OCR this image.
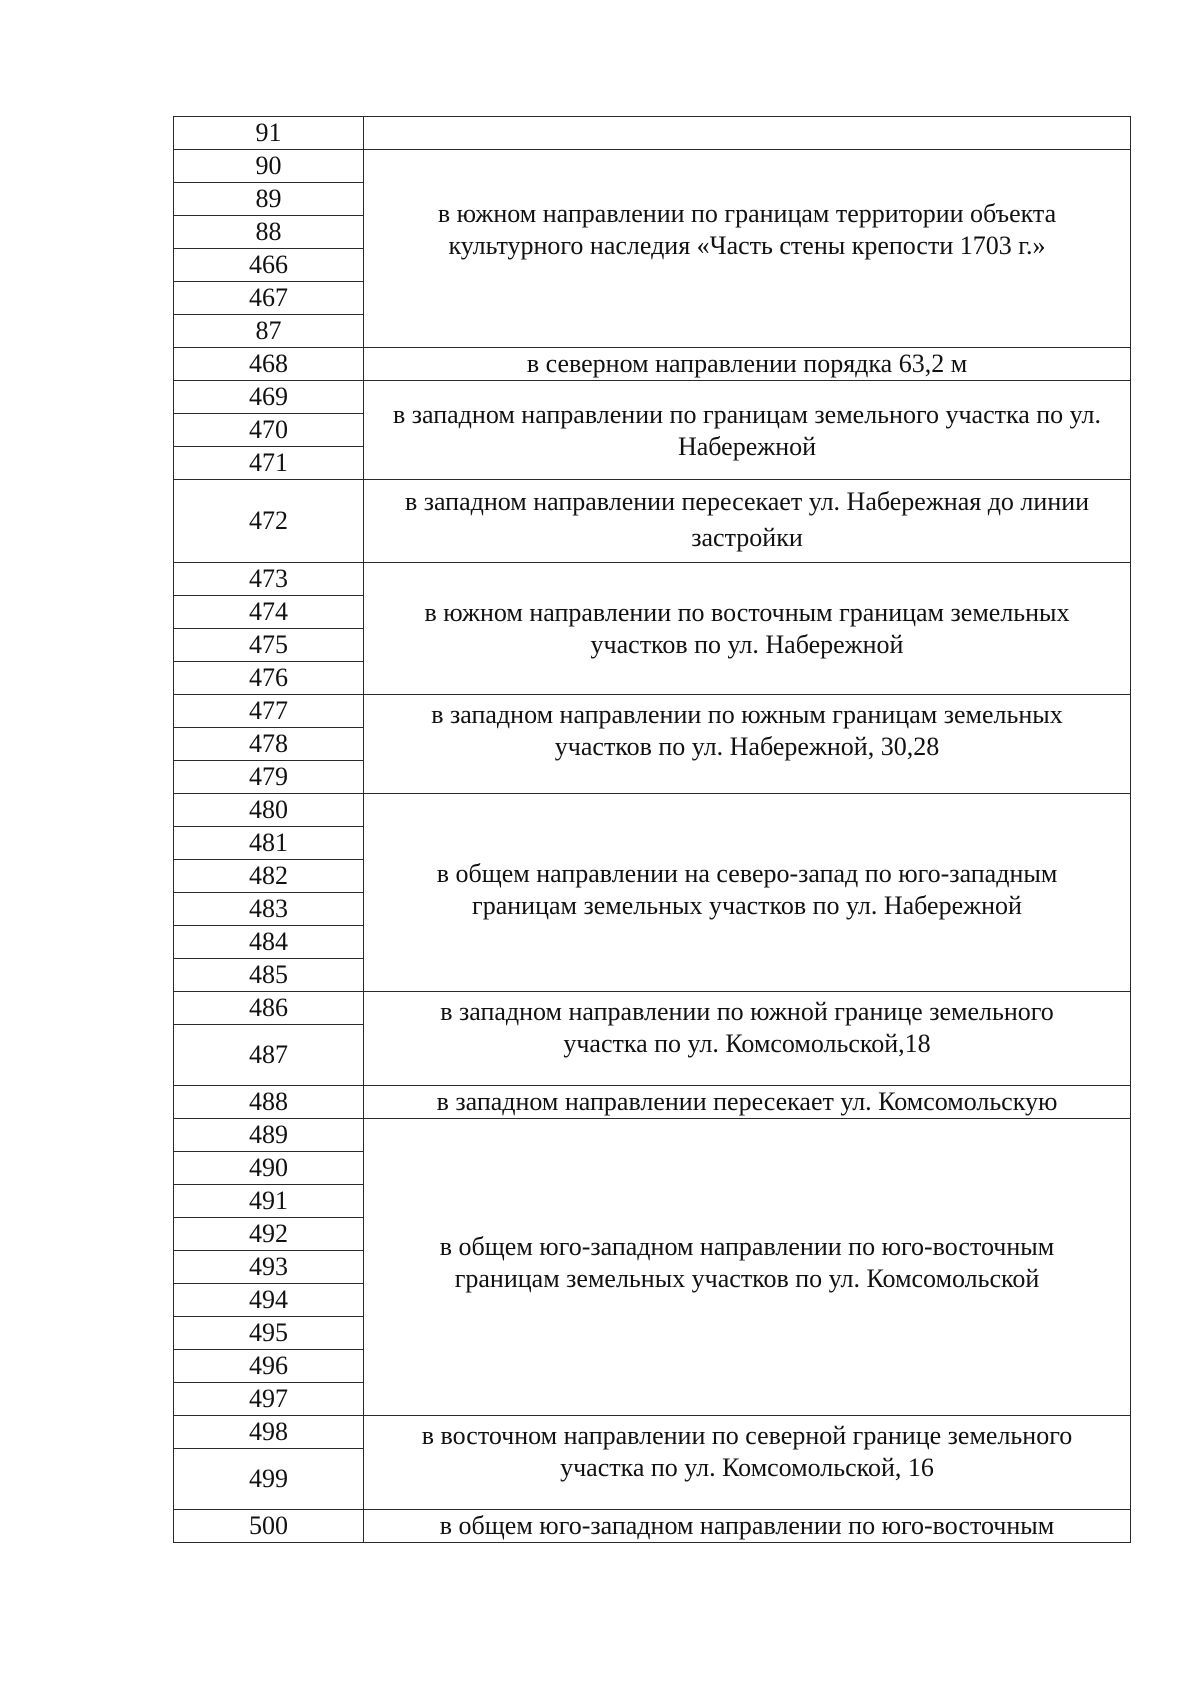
91	
90	в южном направлении по границам территории объекта культурного наследия «Часть стены крепости 1703 г.»
89	
88	
466	
467	
87	
468	в северном направлении порядка 63,2 м
469	в западном направлении по границам земельного участка по ул. Набережной
470	
471	
472	в западном направлении пересекает ул. Набережная до линии застройки
473	в южном направлении по восточным границам земельных участков по ул. Набережной
474	
475	
476	
477	в западном направлении по южным границам земельных участков по ул. Набережной, 30,28
478	
479	
480	в общем направлении на северо-запад по юго-западным границам земельных участков по ул. Набережной
481	
482	
483	
484	
485	
486	в западном направлении по южной границе земельного участка по ул. Комсомольской,18
487	
488	в западном направлении пересекает ул. Комсомольскую
489	в общем юго-западном направлении по юго-восточным границам земельных участков по ул. Комсомольской
490	
491	
492	
493	
494	
495	
496	
497	
498	в восточном направлении по северной границе земельного участка по ул. Комсомольской, 16
499	
500	в общем юго-западном направлении по юго-восточным
